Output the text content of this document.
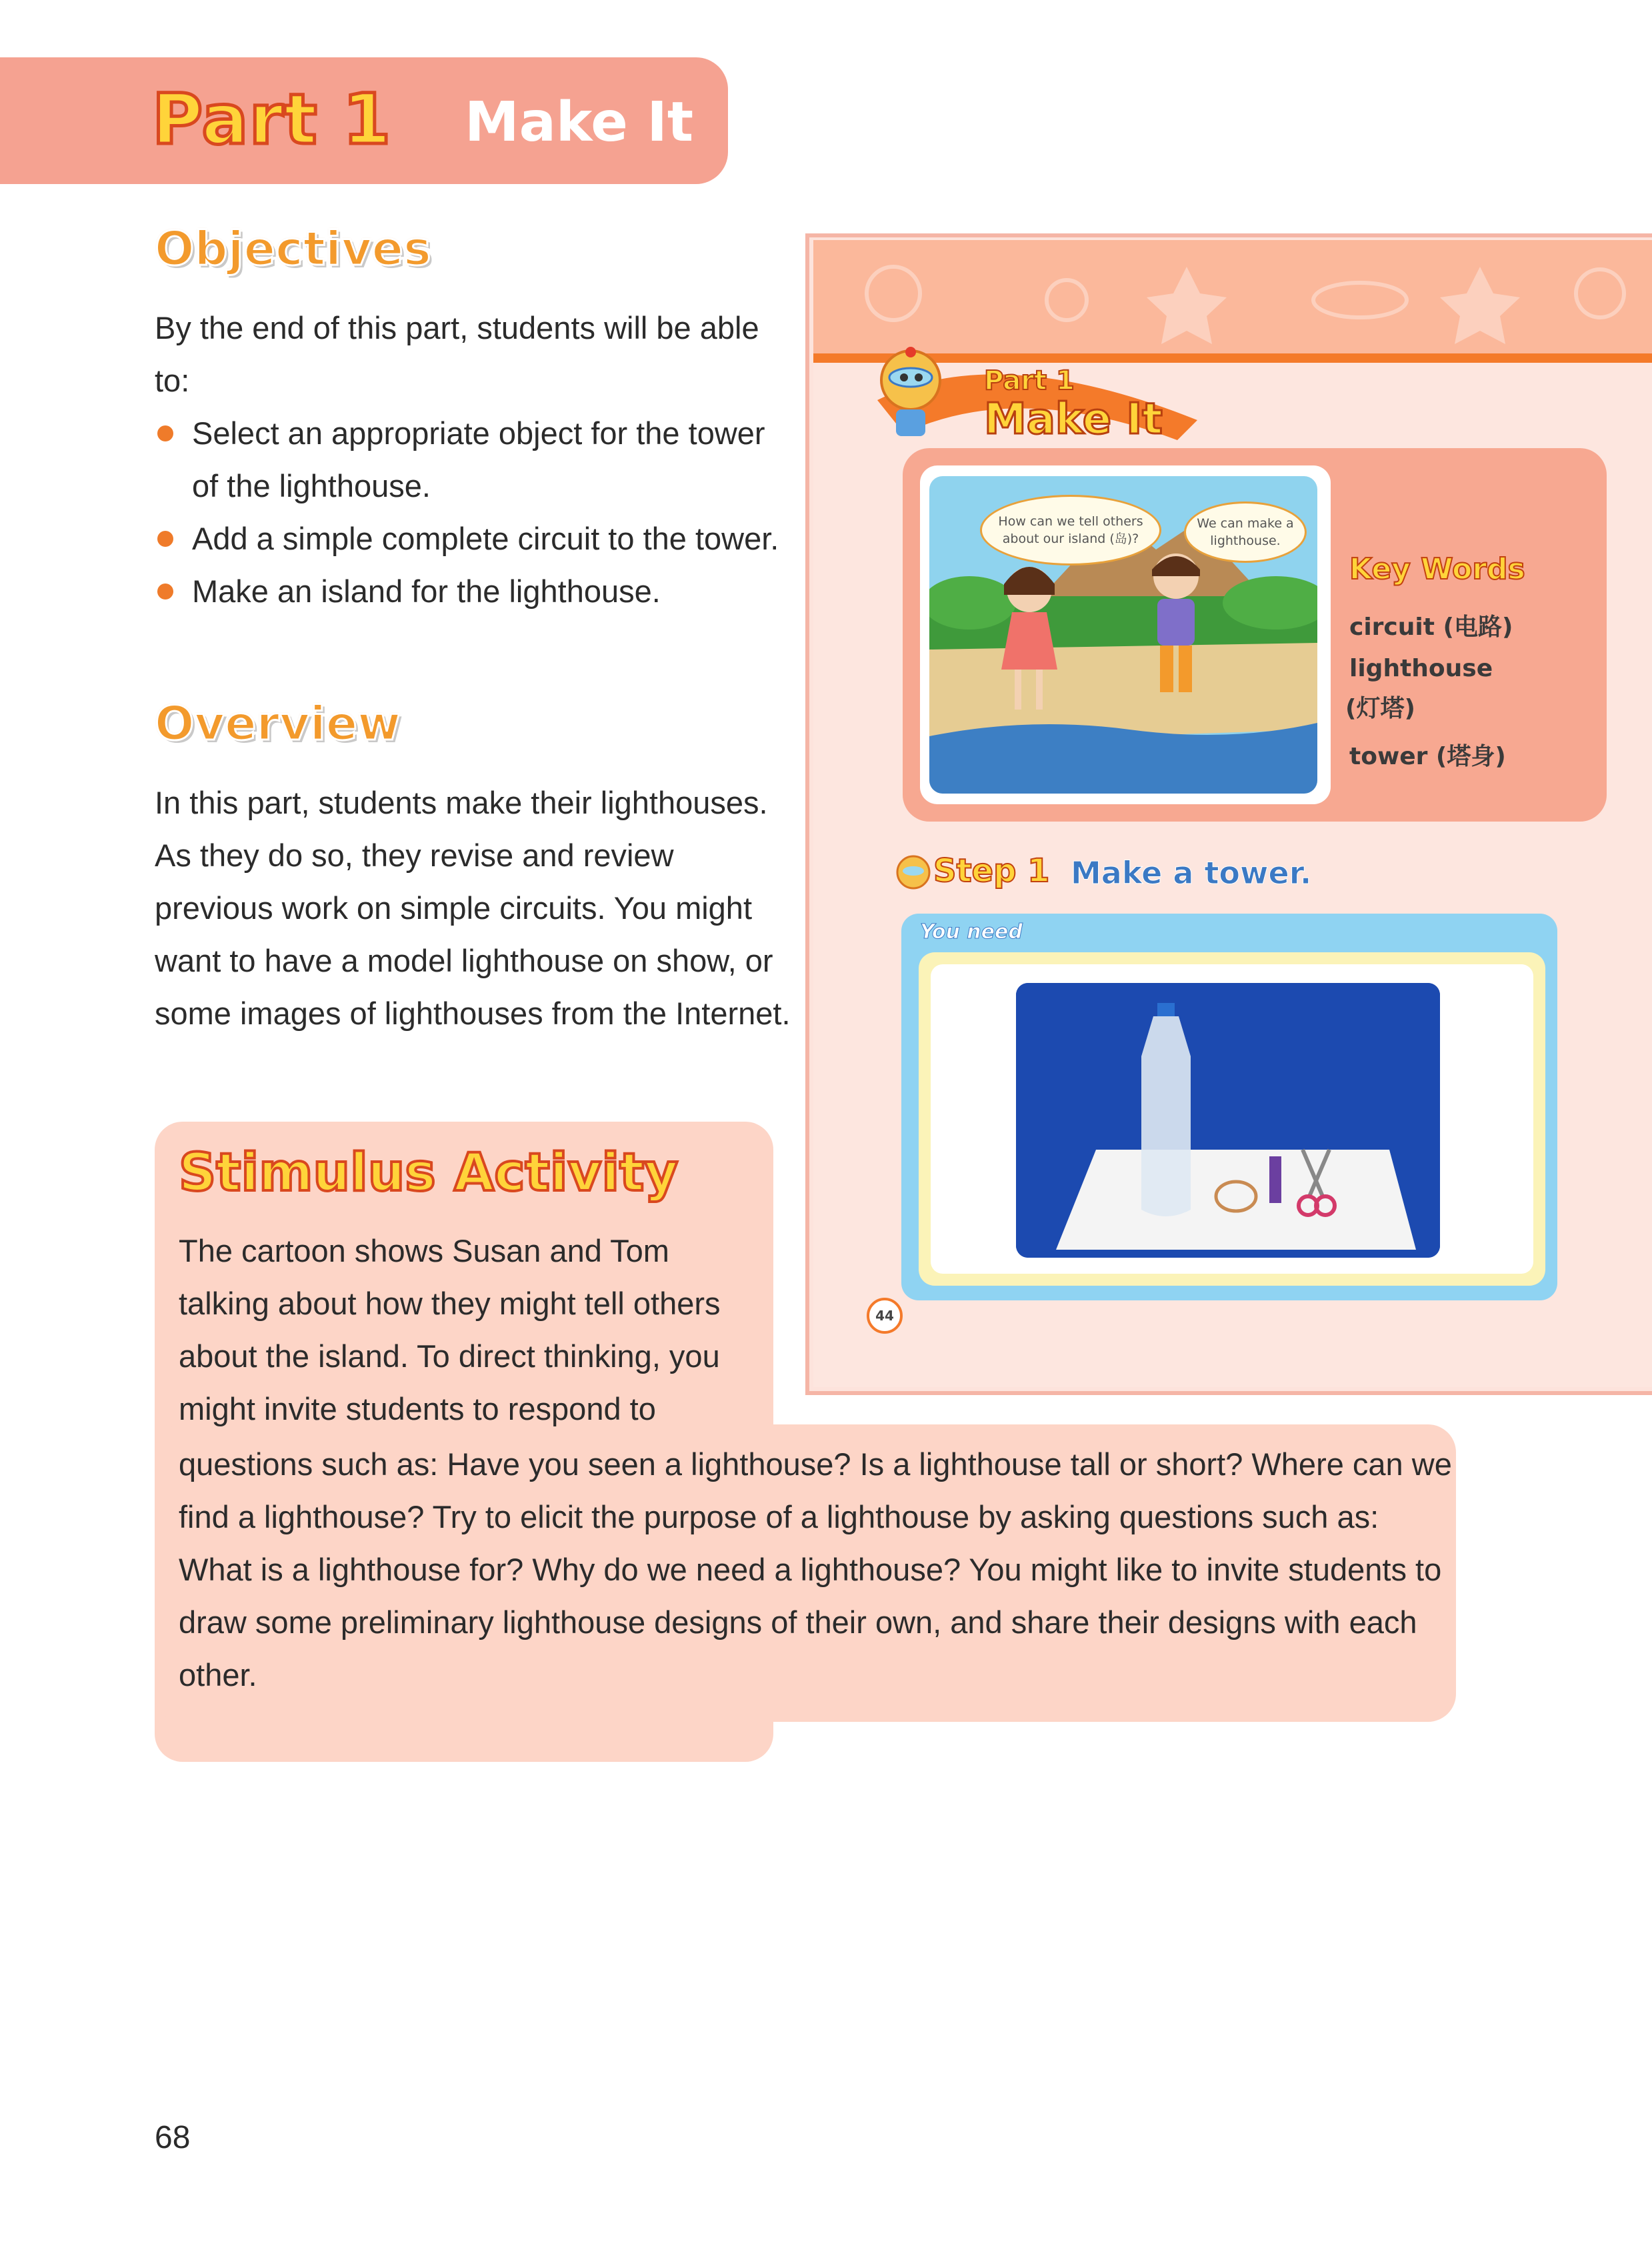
Part 1 Make It
Objectives
By the end of this part, students will be able to:
Select an appropriate object for the tower of the lighthouse.
Add a simple complete circuit to the tower.
Make an island for the lighthouse.
Overview
In this part, students make their lighthouses. As they do so, they revise and review previous work on simple circuits. You might want to have a model lighthouse on show, or some images of lighthouses from the Internet.
Stimulus Activity
The cartoon shows Susan and Tom talking about how they might tell others about the island. To direct thinking, you might invite students to respond to
questions such as: Have you seen a lighthouse? Is a lighthouse tall or short? Where can we find a lighthouse? Try to elicit the purpose of a lighthouse by asking questions such as: What is a lighthouse for? Why do we need a lighthouse? You might like to invite students to draw some preliminary lighthouse designs of their own, and share their designs with each other.
Part 1
Make It
How can we tell others about our island (岛)?
We can make a lighthouse.
Key Words
circuit (电路)
lighthouse
(灯塔)
tower (塔身)
Step 1 Make a tower.
You need
44
68
